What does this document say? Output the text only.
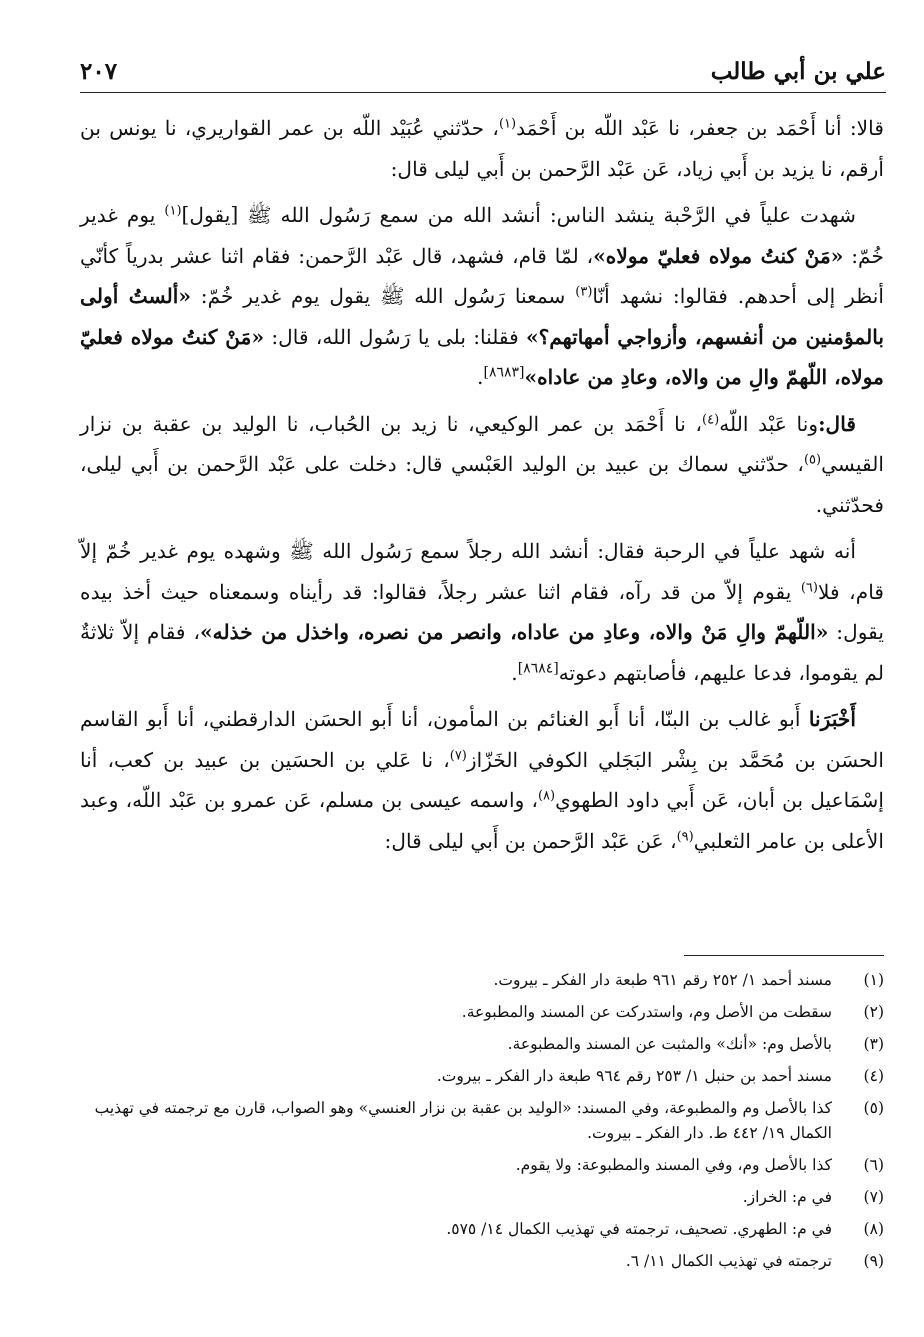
علي بن أبي طالب
٢٠٧
قالا: أنا أَحْمَد بن جعفر، نا عَبْد اللّه بن أَحْمَد$^{(١)}$، حدّثني عُبَيْد اللّه بن عمر القواريري، نا يونس بن أرقم، نا يزيد بن أَبي زياد، عَن عَبْد الرَّحمن بن أَبي ليلى قال:
شهدت علياً في الرَّحْبة ينشد الناس: أنشد الله من سمع رَسُول الله ﷺ [يقول]$^{(١)}$ يوم غدير خُمّ: «مَنْ كنتُ مولاه فعليّ مولاه»، لمّا قام، فشهد، قال عَبْد الرَّحمن: فقام اثنا عشر بدرياً كأنّي أنظر إلى أحدهم. فقالوا: نشهد أنّا$^{(٣)}$ سمعنا رَسُول الله ﷺ يقول يوم غدير خُمّ: «ألستُ أولى بالمؤمنين من أنفسهم، وأزواجي أمهاتهم؟» فقلنا: بلى يا رَسُول الله، قال: «مَنْ كنتُ مولاه فعليّ مولاه، اللّهمّ والِ من والاه، وعادِ من عاداه»[٨٦٨٣].
قال:ونا عَبْد اللّه$^{(٤)}$، نا أَحْمَد بن عمر الوكيعي، نا زيد بن الحُباب، نا الوليد بن عقبة بن نزار القيسي$^{(٥)}$، حدّثني سماك بن عبيد بن الوليد العَبْسي قال: دخلت على عَبْد الرَّحمن بن أَبي ليلى، فحدّثني.
أنه شهد علياً في الرحبة فقال: أنشد الله رجلاً سمع رَسُول الله ﷺ وشهده يوم غدير خُمّ إلاّ قام، فلا$^{(٦)}$ يقوم إلاّ من قد رآه، فقام اثنا عشر رجلاً، فقالوا: قد رأيناه وسمعناه حيث أخذ بيده يقول: «اللّهمّ والِ مَنْ والاه، وعادِ من عاداه، وانصر من نصره، واخذل من خذله»، فقام إلاّ ثلاثةٌ لم يقوموا، فدعا عليهم، فأصابتهم دعوته[٨٦٨٤].
أَخْبَرَنا أَبو غالب بن البنّا، أنا أَبو الغنائم بن المأمون، أنا أَبو الحسَن الدارقطني، أنا أَبو القاسم الحسَن بن مُحَمَّد بن بِشْر البَجَلي الكوفي الخَزّاز$^{(٧)}$، نا عَلي بن الحسَين بن عبيد بن كعب، أنا إسْمَاعيل بن أبان، عَن أَبي داود الطهوي$^{(٨)}$، واسمه عيسى بن مسلم، عَن عمرو بن عَبْد اللّه، وعبد الأعلى بن عامر الثعلبي$^{(٩)}$، عَن عَبْد الرَّحمن بن أَبي ليلى قال:
(١)
مسند أحمد ١/ ٢٥٢ رقم ٩٦١ طبعة دار الفكر ـ بيروت.
(٢)
سقطت من الأصل وم، واستدركت عن المسند والمطبوعة.
(٣)
بالأصل وم: «أنك» والمثبت عن المسند والمطبوعة.
(٤)
مسند أحمد بن حنبل ١/ ٢٥٣ رقم ٩٦٤ طبعة دار الفكر ـ بيروت.
(٥)
كذا بالأصل وم والمطبوعة، وفي المسند: «الوليد بن عقبة بن نزار العنسي» وهو الصواب، قارن مع ترجمته في تهذيب الكمال ١٩/ ٤٤٢ ط. دار الفكر ـ بيروت.
(٦)
كذا بالأصل وم، وفي المسند والمطبوعة: ولا يقوم.
(٧)
في م: الخراز.
(٨)
في م: الطهري. تصحيف، ترجمته في تهذيب الكمال ١٤/ ٥٧٥.
(٩)
ترجمته في تهذيب الكمال ١١/ ٦.
